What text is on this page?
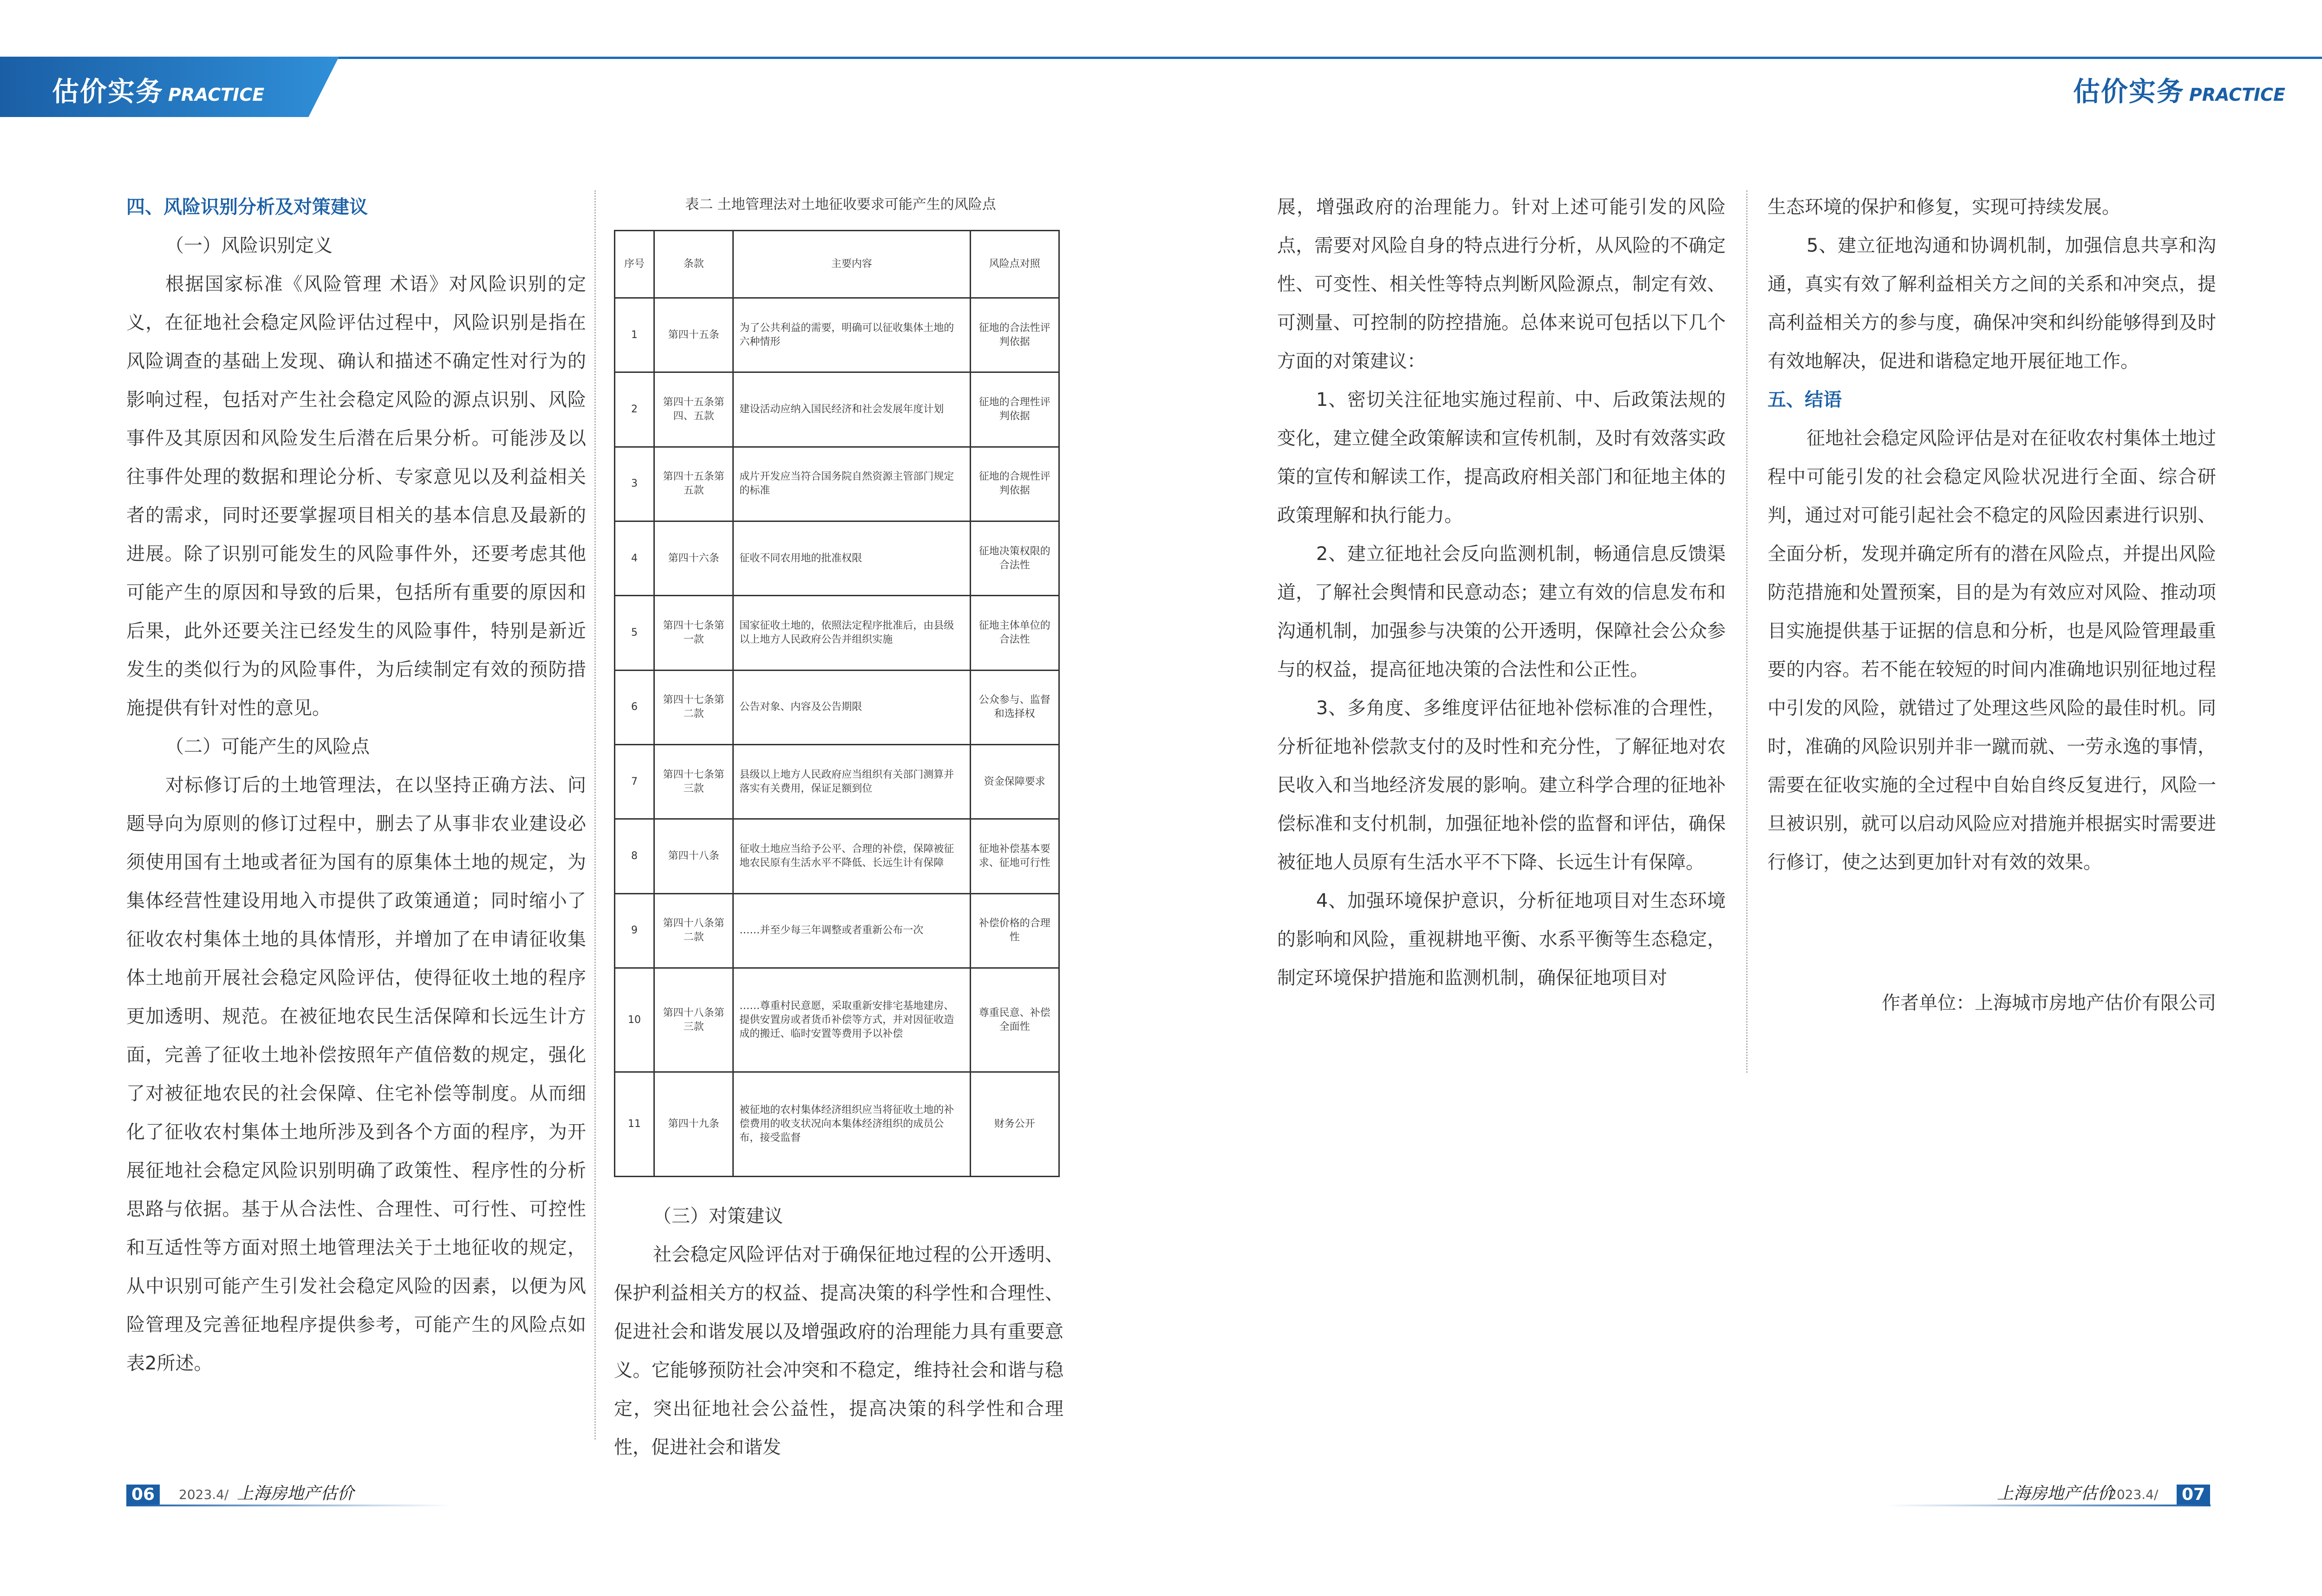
估价实务 PRACTICE	估价实务 PRACTICE
四、风险识别分析及对策建议
（一）风险识别定义

根据国家标准《风险管理 术语》对风险识别的定义，在征地社会稳定风险评估过程中，风险识别是指在风险调查的基础上发现、确认和描述不确定性对行为的影响过程，包括对产生社会稳定风险的源点识别、风险事件及其原因和风险发生后潜在后果分析。可能涉及以往事件处理的数据和理论分析、专家意见以及利益相关者的需求，同时还要掌握项目相关的基本信息及最新的进展。除了识别可能发生的风险事件外，还要考虑其他可能产生的原因和导致的后果，包括所有重要的原因和后果，此外还要关注已经发生的风险事件，特别是新近发生的类似行为的风险事件，为后续制定有效的预防措施提供有针对性的意见。

（二）可能产生的风险点

对标修订后的土地管理法，在以坚持正确方法、问题导向为原则的修订过程中，删去了从事非农业建设必须使用国有土地或者征为国有的原集体土地的规定，为集体经营性建设用地入市提供了政策通道；同时缩小了征收农村集体土地的具体情形，并增加了在申请征收集体土地前开展社会稳定风险评估，使得征收土地的程序更加透明、规范。在被征地农民生活保障和长远生计方面，完善了征收土地补偿按照年产值倍数的规定，强化了对被征地农民的社会保障、住宅补偿等制度。从而细化了征收农村集体土地所涉及到各个方面的程序，为开展征地社会稳定风险识别明确了政策性、程序性的分析思路与依据。基于从合法性、合理性、可行性、可控性和互适性等方面对照土地管理法关于土地征收的规定，从中识别可能产生引发社会稳定风险的因素，以便为风险管理及完善征地程序提供参考，可能产生的风险点如表2所述。

表二 土地管理法对土地征收要求可能产生的风险点
序号	条款	主要内容	风险点对照
1	第四十五条	为了公共利益的需要，明确可以征收集体土地的六种情形	征地的合法性评判依据
2	第四十五条第四、五款	建设活动应纳入国民经济和社会发展年度计划	征地的合理性评判依据
3	第四十五条第五款	成片开发应当符合国务院自然资源主管部门规定的标准	征地的合规性评判依据
4	第四十六条	征收不同农用地的批准权限	征地决策权限的合法性
5	第四十七条第一款	国家征收土地的，依照法定程序批准后，由县级以上地方人民政府公告并组织实施	征地主体单位的合法性
6	第四十七条第二款	公告对象、内容及公告期限	公众参与、监督和选择权
7	第四十七条第三款	县级以上地方人民政府应当组织有关部门测算并落实有关费用，保证足额到位	资金保障要求
8	第四十八条	征收土地应当给予公平、合理的补偿，保障被征地农民原有生活水平不降低、长远生计有保障	征地补偿基本要求、征地可行性
9	第四十八条第二款	……并至少每三年调整或者重新公布一次	补偿价格的合理性
10	第四十八条第三款	……尊重村民意愿，采取重新安排宅基地建房、提供安置房或者货币补偿等方式，并对因征收造成的搬迁、临时安置等费用予以补偿	尊重民意、补偿全面性
11	第四十九条	被征地的农村集体经济组织应当将征收土地的补偿费用的收支状况向本集体经济组织的成员公布，接受监督	财务公开
（三）对策建议

社会稳定风险评估对于确保征地过程的公开透明、保护利益相关方的权益、提高决策的科学性和合理性、促进社会和谐发展以及增强政府的治理能力具有重要意义。它能够预防社会冲突和不稳定，维持社会和谐与稳定，突出征地社会公益性，提高决策的科学性和合理性，促进社会和谐发

展，增强政府的治理能力。针对上述可能引发的风险点，需要对风险自身的特点进行分析，从风险的不确定性、可变性、相关性等特点判断风险源点，制定有效、可测量、可控制的防控措施。总体来说可包括以下几个方面的对策建议：

1、密切关注征地实施过程前、中、后政策法规的变化，建立健全政策解读和宣传机制，及时有效落实政策的宣传和解读工作，提高政府相关部门和征地主体的政策理解和执行能力。

2、建立征地社会反向监测机制，畅通信息反馈渠道，了解社会舆情和民意动态；建立有效的信息发布和沟通机制，加强参与决策的公开透明，保障社会公众参与的权益，提高征地决策的合法性和公正性。

3、多角度、多维度评估征地补偿标准的合理性，分析征地补偿款支付的及时性和充分性，了解征地对农民收入和当地经济发展的影响。建立科学合理的征地补偿标准和支付机制，加强征地补偿的监督和评估，确保被征地人员原有生活水平不下降、长远生计有保障。

4、加强环境保护意识，分析征地项目对生态环境的影响和风险，重视耕地平衡、水系平衡等生态稳定，制定环境保护措施和监测机制，确保征地项目对

生态环境的保护和修复，实现可持续发展。

5、建立征地沟通和协调机制，加强信息共享和沟通，真实有效了解利益相关方之间的关系和冲突点，提高利益相关方的参与度，确保冲突和纠纷能够得到及时有效地解决，促进和谐稳定地开展征地工作。

五、结语

征地社会稳定风险评估是对在征收农村集体土地过程中可能引发的社会稳定风险状况进行全面、综合研判，通过对可能引起社会不稳定的风险因素进行识别、全面分析，发现并确定所有的潜在风险点，并提出风险防范措施和处置预案，目的是为有效应对风险、推动项目实施提供基于证据的信息和分析，也是风险管理最重要的内容。若不能在较短的时间内准确地识别征地过程中引发的风险，就错过了处理这些风险的最佳时机。同时，准确的风险识别并非一蹴而就、一劳永逸的事情，需要在征收实施的全过程中自始自终反复进行，风险一旦被识别，就可以启动风险应对措施并根据实时需要进行修订，使之达到更加针对有效的效果。

作者单位：上海城市房地产估价有限公司

06	2023.4/ 上海房地产估价	07
2023.4/
上海房地产估价
